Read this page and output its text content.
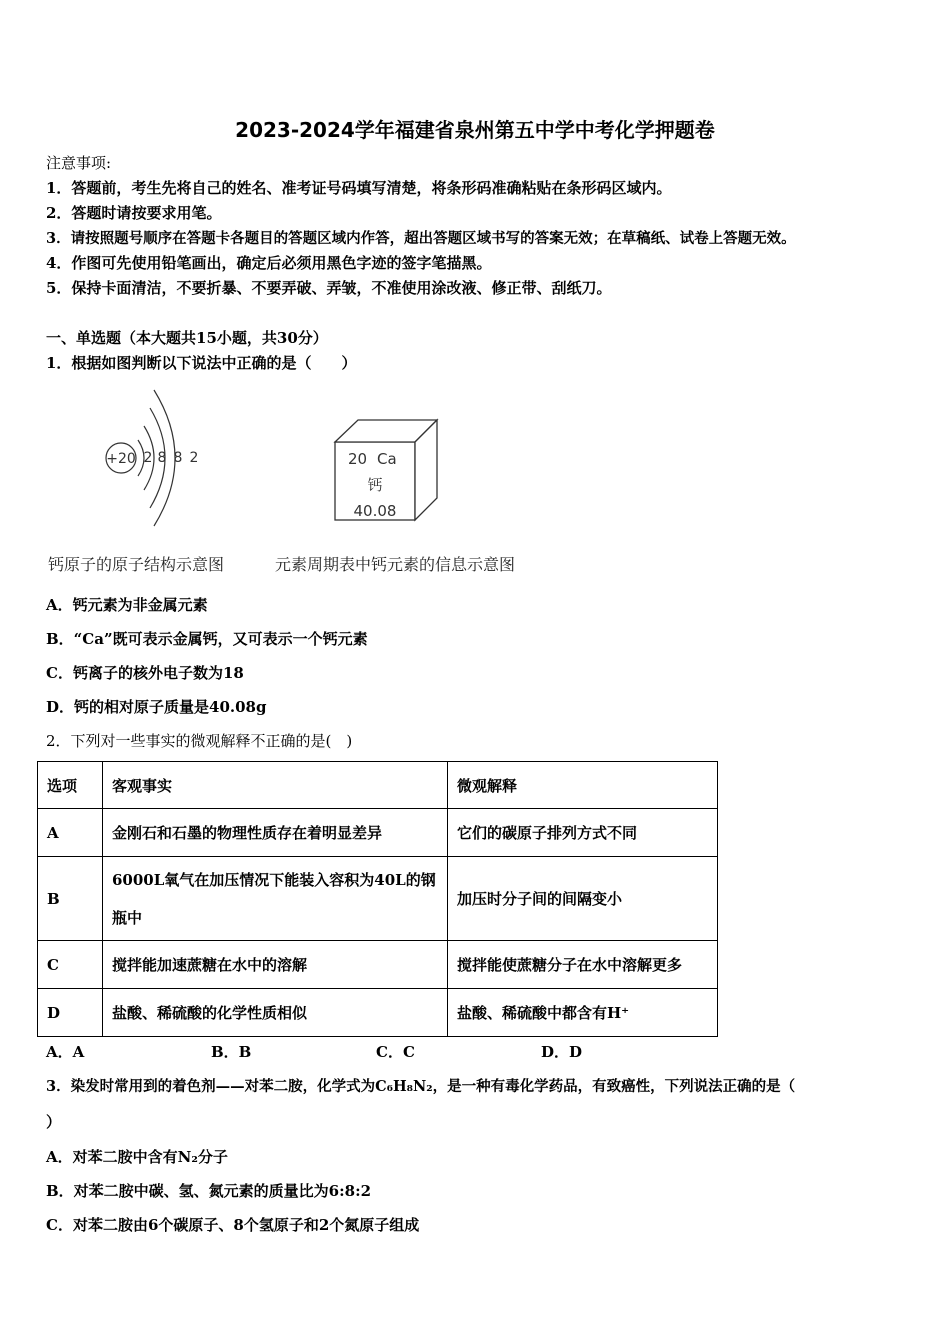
2023-2024学年福建省泉州第五中学中考化学押题卷
注意事项:
1．答题前，考生先将自己的姓名、准考证号码填写清楚，将条形码准确粘贴在条形码区域内。
2．答题时请按要求用笔。
3．请按照题号顺序在答题卡各题目的答题区域内作答，超出答题区域书写的答案无效；在草稿纸、试卷上答题无效。
4．作图可先使用铅笔画出，确定后必须用黑色字迹的签字笔描黑。
5．保持卡面清洁，不要折暴、不要弄破、弄皱，不准使用涂改液、修正带、刮纸刀。
一、单选题（本大题共15小题，共30分）
1．根据如图判断以下说法中正确的是（　　）
+20 2 8 8 2	20 Ca
钙
40.08
钙原子的原子结构示意图	元素周期表中钙元素的信息示意图
A．钙元素为非金属元素
B．“Ca”既可表示金属钙，又可表示一个钙元素
C．钙离子的核外电子数为18
D．钙的相对原子质量是40.08g
2．下列对一些事实的微观解释不正确的是(　)
选项	客观事实	微观解释
A	金刚石和石墨的物理性质存在着明显差异	它们的碳原子排列方式不同
B	6000L氧气在加压情况下能装入容积为40L的钢瓶中	加压时分子间的间隔变小
C	搅拌能加速蔗糖在水中的溶解	搅拌能使蔗糖分子在水中溶解更多
D	盐酸、稀硫酸的化学性质相似	盐酸、稀硫酸中都含有H⁺
A．A	B．B	C．C	D．D
3．染发时常用到的着色剂——对苯二胺，化学式为C₆H₈N₂，是一种有毒化学药品，有致癌性，下列说法正确的是（
）
A．对苯二胺中含有N₂分子
B．对苯二胺中碳、氢、氮元素的质量比为6:8:2
C．对苯二胺由6个碳原子、8个氢原子和2个氮原子组成
